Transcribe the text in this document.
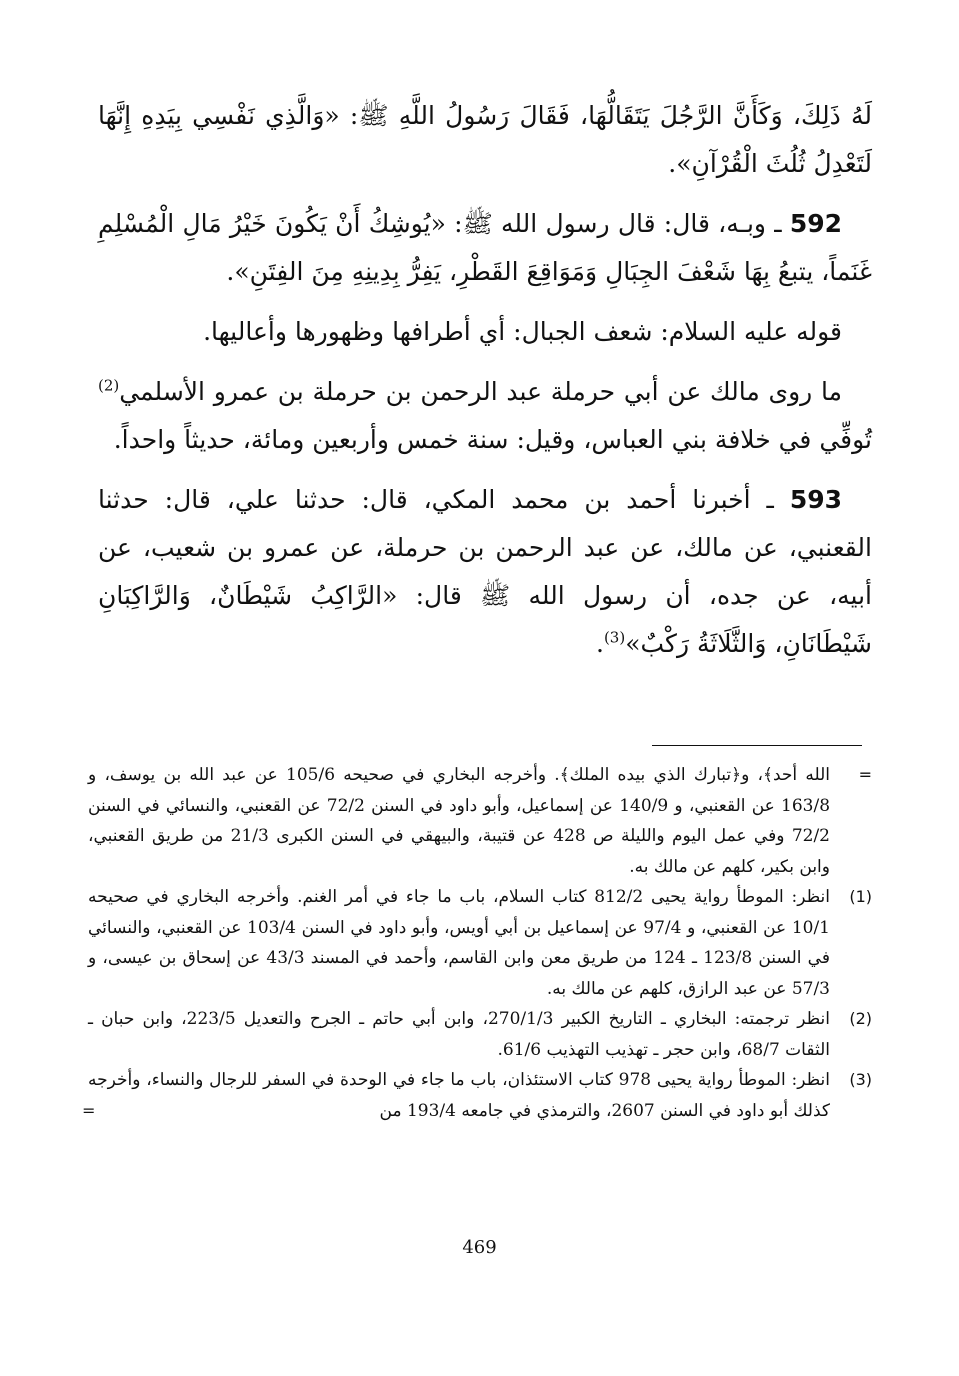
لَهُ ذَلِكَ، وَكَأَنَّ الرَّجُلَ يَتَقَالُّهَا، فَقَالَ رَسُولُ اللَّهِ ﷺ: «وَالَّذِي نَفْسِي بِيَدِهِ إِنَّهَا لَتَعْدِلُ ثُلُثَ الْقُرْآنِ».

592 ـ وبـه، قال: قال رسول الله ﷺ: «يُوشِكُ أَنْ يَكُونَ خَيْرُ مَالِ الْمُسْلِمِ غَنَماً، يتبعُ بِهَا شَعْفَ الجِبَالِ وَمَوَاقِعَ القَطْرِ، يَفِرُّ بِدِينِهِ مِنَ الفِتَنِ».

قوله عليه السلام: شعف الجبال: أي أطرافها وظهورها وأعاليها.

ما روى مالك عن أبي حرملة عبد الرحمن بن حرملة بن عمرو الأسلمي$^{(2)}$ تُوفِّي في خلافة بني العباس، وقيل: سنة خمس وأربعين ومائة، حديثاً واحداً.

593 ـ أخبرنا أحمد بن محمد المكي، قال: حدثنا علي، قال: حدثنا القعنبي، عن مالك، عن عبد الرحمن بن حرملة، عن عمرو بن شعيب، عن أبيه، عن جده، أن رسول الله ﷺ قال: «الرَّاكِبُ شَيْطَانٌ، وَالرَّاكِبَانِ شَيْطَانَانِ، وَالثَّلَاثَةُ رَكْبٌ»$^{(3)}$.

=
الله أحد﴾، و﴿تبارك الذي بيده الملك﴾. وأخرجه البخاري في صحيحه 105/6 عن عبد الله بن يوسف، و 163/8 عن القعنبي، و 140/9 عن إسماعيل، وأبو داود في السنن 72/2 عن القعنبي، والنسائي في السنن 72/2 وفي عمل اليوم والليلة ص 428 عن قتيبة، والبيهقي في السنن الكبرى 21/3 من طريق القعنبي، وابن بكير، كلهم عن مالك به.
(1)
انظر: الموطأ رواية يحيى 812/2 كتاب السلام، باب ما جاء في أمر الغنم. وأخرجه البخاري في صحيحه 10/1 عن القعنبي، و 97/4 عن إسماعيل بن أبي أويس، وأبو داود في السنن 103/4 عن القعنبي، والنسائي في السنن 123/8 ـ 124 من طريق معن وابن القاسم، وأحمد في المسند 43/3 عن إسحاق بن عيسى، و 57/3 عن عبد الرازق، كلهم عن مالك به.
(2)
انظر ترجمته: البخاري ـ التاريخ الكبير 270/1/3، وابن أبي حاتم ـ الجرح والتعديل 223/5، وابن حبان ـ الثقات 68/7، وابن حجر ـ تهذيب التهذيب 61/6.
(3)
انظر: الموطأ رواية يحيى 978 كتاب الاستئذان، باب ما جاء في الوحدة في السفر للرجال والنساء، وأخرجه كذلك أبو داود في السنن 2607، والترمذي في جامعه 193/4 من
=
469
